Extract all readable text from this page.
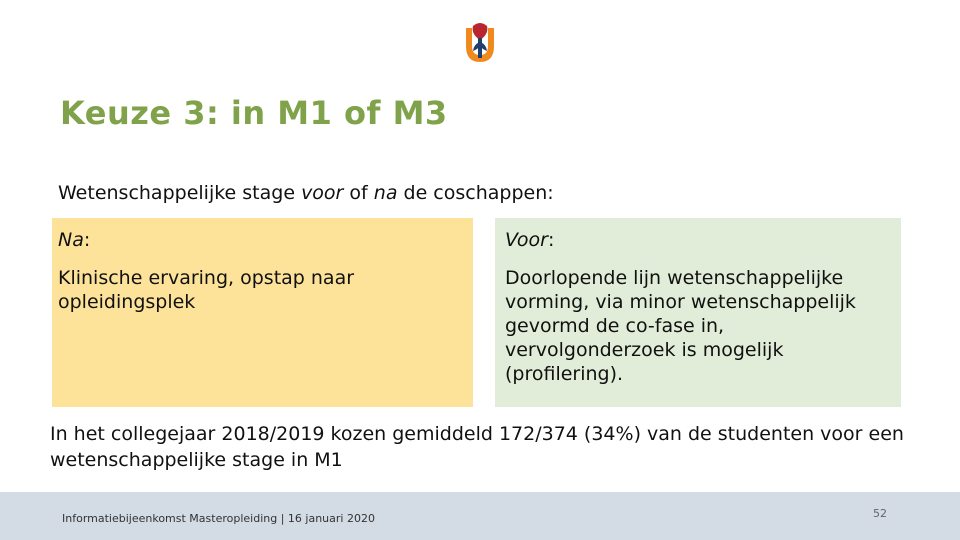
Keuze 3: in M1 of M3
Wetenschappelijke stage voor of na de coschappen:

Na:

Klinische ervaring, opstap naar opleidingsplek

Voor:

Doorlopende lijn wetenschappelijke vorming, via minor wetenschappelijk gevormd de co-fase in, vervolgonderzoek is mogelijk (profilering).

In het collegejaar 2018/2019 kozen gemiddeld 172/374 (34%) van de studenten voor een wetenschappelijke stage in M1
Informatiebijeenkomst Masteropleiding | 16 januari 2020	52
